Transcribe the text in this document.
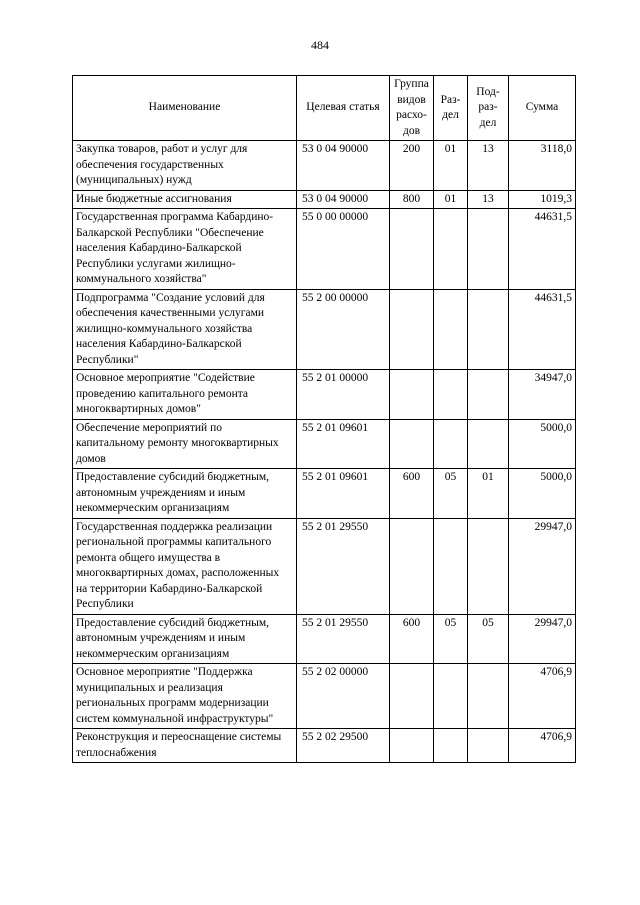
484
Наименование	Целевая статья	Группа видов расхо-дов	Раз-дел	Под-раз-дел	Сумма
Закупка товаров, работ и услуг для обеспечения государственных (муниципальных) нужд	53 0 04 90000	200	01	13	3118,0
Иные бюджетные ассигнования	53 0 04 90000	800	01	13	1019,3
Государственная программа Кабардино-Балкарской Республики "Обеспечение населения Кабардино-Балкарской Республики услугами жилищно-коммунального хозяйства"	55 0 00 00000				44631,5
Подпрограмма "Создание условий для обеспечения качественными услугами жилищно-коммунального хозяйства населения Кабардино-Балкарской Республики"	55 2 00 00000				44631,5
Основное мероприятие "Содействие проведению капитального ремонта многоквартирных домов"	55 2 01 00000				34947,0
Обеспечение мероприятий по капитальному ремонту многоквартирных домов	55 2 01 09601				5000,0
Предоставление субсидий бюджетным, автономным учреждениям и иным некоммерческим организациям	55 2 01 09601	600	05	01	5000,0
Государственная поддержка реализации региональной программы капитального ремонта общего имущества в многоквартирных домах, расположенных на территории Кабардино-Балкарской Республики	55 2 01 29550				29947,0
Предоставление субсидий бюджетным, автономным учреждениям и иным некоммерческим организациям	55 2 01 29550	600	05	05	29947,0
Основное мероприятие "Поддержка муниципальных и реализация региональных программ модернизации систем коммунальной инфраструктуры"	55 2 02 00000				4706,9
Реконструкция и переоснащение системы теплоснабжения	55 2 02 29500				4706,9
